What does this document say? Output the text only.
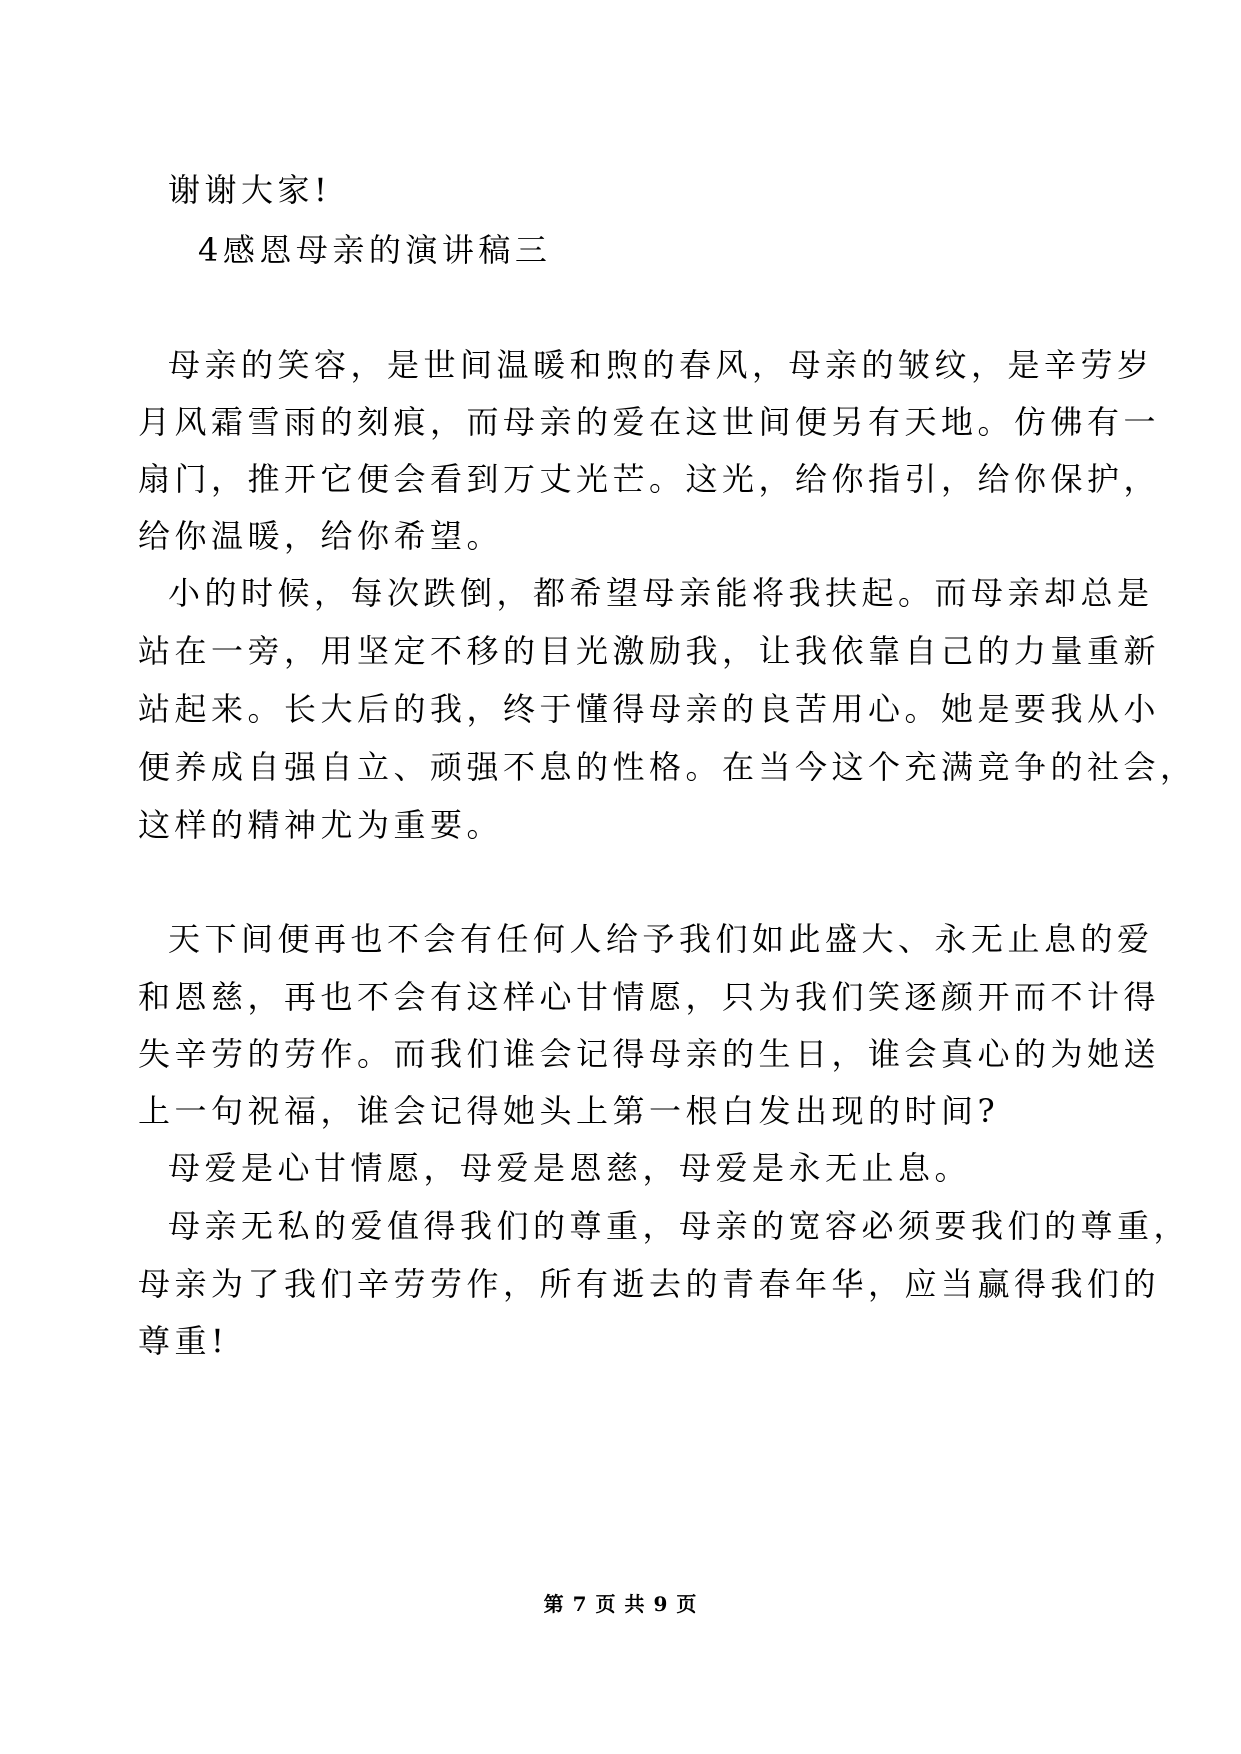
谢谢大家!
4感恩母亲的演讲稿三
母亲的笑容，是世间温暖和煦的春风，母亲的皱纹，是辛劳岁
月风霜雪雨的刻痕，而母亲的爱在这世间便另有天地。仿佛有一
扇门，推开它便会看到万丈光芒。这光，给你指引，给你保护，
给你温暖，给你希望。
小的时候，每次跌倒，都希望母亲能将我扶起。而母亲却总是
站在一旁，用坚定不移的目光激励我，让我依靠自己的力量重新
站起来。长大后的我，终于懂得母亲的良苦用心。她是要我从小
便养成自强自立、顽强不息的性格。在当今这个充满竞争的社会，
这样的精神尤为重要。
天下间便再也不会有任何人给予我们如此盛大、永无止息的爱
和恩慈，再也不会有这样心甘情愿，只为我们笑逐颜开而不计得
失辛劳的劳作。而我们谁会记得母亲的生日，谁会真心的为她送
上一句祝福，谁会记得她头上第一根白发出现的时间?
母爱是心甘情愿，母爱是恩慈，母爱是永无止息。
母亲无私的爱值得我们的尊重，母亲的宽容必须要我们的尊重，
母亲为了我们辛劳劳作，所有逝去的青春年华，应当赢得我们的
尊重!
第 7 页 共 9 页
